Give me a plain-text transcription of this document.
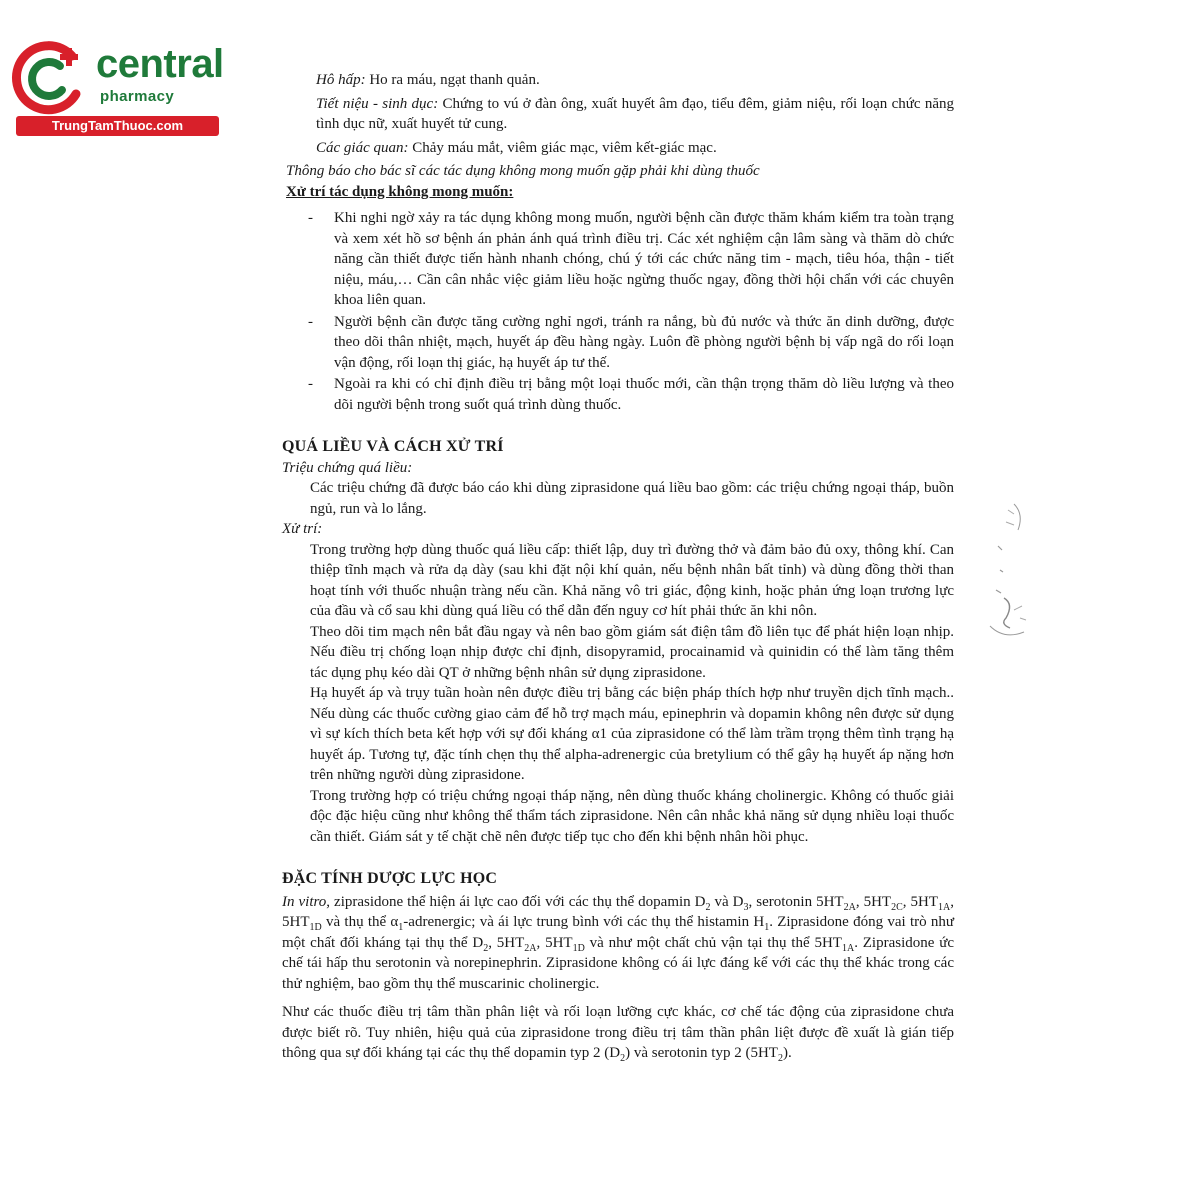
central
pharmacy
TrungTamThuoc.com

Hô hấp: Ho ra máu, ngạt thanh quản.

Tiết niệu - sinh dục: Chứng to vú ở đàn ông, xuất huyết âm đạo, tiểu đêm, giảm niệu, rối loạn chức năng tình dục nữ, xuất huyết tử cung.

Các giác quan: Chảy máu mắt, viêm giác mạc, viêm kết-giác mạc.

Thông báo cho bác sĩ các tác dụng không mong muốn gặp phải khi dùng thuốc

Xử trí tác dụng không mong muốn:

- Khi nghi ngờ xảy ra tác dụng không mong muốn, người bệnh cần được thăm khám kiểm tra toàn trạng và xem xét hồ sơ bệnh án phản ánh quá trình điều trị. Các xét nghiệm cận lâm sàng và thăm dò chức năng cần thiết được tiến hành nhanh chóng, chú ý tới các chức năng tim - mạch, tiêu hóa, thận - tiết niệu, máu,… Cần cân nhắc việc giảm liều hoặc ngừng thuốc ngay, đồng thời hội chẩn với các chuyên khoa liên quan.
- Người bệnh cần được tăng cường nghỉ ngơi, tránh ra nắng, bù đủ nước và thức ăn dinh dưỡng, được theo dõi thân nhiệt, mạch, huyết áp đều hàng ngày. Luôn đề phòng người bệnh bị vấp ngã do rối loạn vận động, rối loạn thị giác, hạ huyết áp tư thế.
- Ngoài ra khi có chỉ định điều trị bằng một loại thuốc mới, cần thận trọng thăm dò liều lượng và theo dõi người bệnh trong suốt quá trình dùng thuốc.

QUÁ LIỀU VÀ CÁCH XỬ TRÍ

Triệu chứng quá liều:

Các triệu chứng đã được báo cáo khi dùng ziprasidone quá liều bao gồm: các triệu chứng ngoại tháp, buồn ngủ, run và lo lắng.

Xử trí:

Trong trường hợp dùng thuốc quá liều cấp: thiết lập, duy trì đường thở và đảm bảo đủ oxy, thông khí. Can thiệp tĩnh mạch và rửa dạ dày (sau khi đặt nội khí quản, nếu bệnh nhân bất tỉnh) và dùng đồng thời than hoạt tính với thuốc nhuận tràng nếu cần. Khả năng vô tri giác, động kinh, hoặc phản ứng loạn trương lực của đầu và cổ sau khi dùng quá liều có thể dẫn đến nguy cơ hít phải thức ăn khi nôn.

Theo dõi tim mạch nên bắt đầu ngay và nên bao gồm giám sát điện tâm đồ liên tục để phát hiện loạn nhịp. Nếu điều trị chống loạn nhịp được chỉ định, disopyramid, procainamid và quinidin có thể làm tăng thêm tác dụng phụ kéo dài QT ở những bệnh nhân sử dụng ziprasidone.

Hạ huyết áp và trụy tuần hoàn nên được điều trị bằng các biện pháp thích hợp như truyền dịch tĩnh mạch.. Nếu dùng các thuốc cường giao cảm để hỗ trợ mạch máu, epinephrin và dopamin không nên được sử dụng vì sự kích thích beta kết hợp với sự đối kháng α1 của ziprasidone có thể làm trầm trọng thêm tình trạng hạ huyết áp. Tương tự, đặc tính chẹn thụ thể alpha-adrenergic của bretylium có thể gây hạ huyết áp nặng hơn trên những người dùng ziprasidone.

Trong trường hợp có triệu chứng ngoại tháp nặng, nên dùng thuốc kháng cholinergic. Không có thuốc giải độc đặc hiệu cũng như không thể thẩm tách ziprasidone. Nên cân nhắc khả năng sử dụng nhiều loại thuốc cần thiết. Giám sát y tế chặt chẽ nên được tiếp tục cho đến khi bệnh nhân hồi phục.

ĐẶC TÍNH DƯỢC LỰC HỌC

In vitro, ziprasidone thể hiện ái lực cao đối với các thụ thể dopamin $D_2$ và $D_3$, serotonin $5HT_{2A}$, $5HT_{2C}$, $5HT_{1A}$, $5HT_{1D}$ và thụ thể $\alpha_1$-adrenergic; và ái lực trung bình với các thụ thể histamin $H_1$. Ziprasidone đóng vai trò như một chất đối kháng tại thụ thể $D_2$, $5HT_{2A}$, $5HT_{1D}$ và như một chất chủ vận tại thụ thể $5HT_{1A}$. Ziprasidone ức chế tái hấp thu serotonin và norepinephrin. Ziprasidone không có ái lực đáng kể với các thụ thể khác trong các thử nghiệm, bao gồm thụ thể muscarinic cholinergic.

Như các thuốc điều trị tâm thần phân liệt và rối loạn lưỡng cực khác, cơ chế tác động của ziprasidone chưa được biết rõ. Tuy nhiên, hiệu quả của ziprasidone trong điều trị tâm thần phân liệt được đề xuất là gián tiếp thông qua sự đối kháng tại các thụ thể dopamin typ 2 $(D_2)$ và serotonin typ 2 $(5HT_2)$.
